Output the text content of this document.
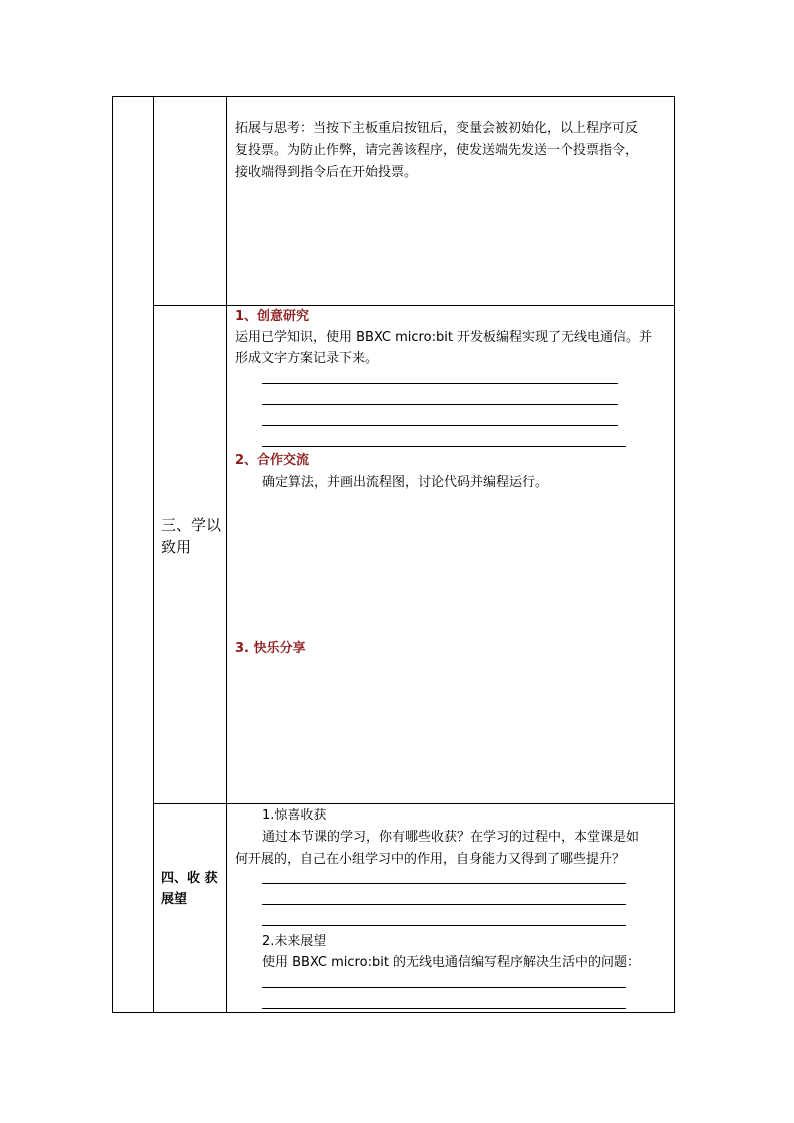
拓展与思考：当按下主板重启按钮后，变量会被初始化，以上程序可反
复投票。为防止作弊，请完善该程序，使发送端先发送一个投票指令，
接收端得到指令后在开始投票。
三、学以
致用
1、创意研究
运用已学知识，使用 BBXC micro:bit 开发板编程实现了无线电通信。并
形成文字方案记录下来。
2、合作交流
确定算法，并画出流程图，讨论代码并编程运行。
3. 快乐分享
四、收 获
展望
1.惊喜收获
通过本节课的学习，你有哪些收获？在学习的过程中，本堂课是如
何开展的，自己在小组学习中的作用，自身能力又得到了哪些提升？
2.未来展望
使用 BBXC micro:bit 的无线电通信编写程序解决生活中的问题：
